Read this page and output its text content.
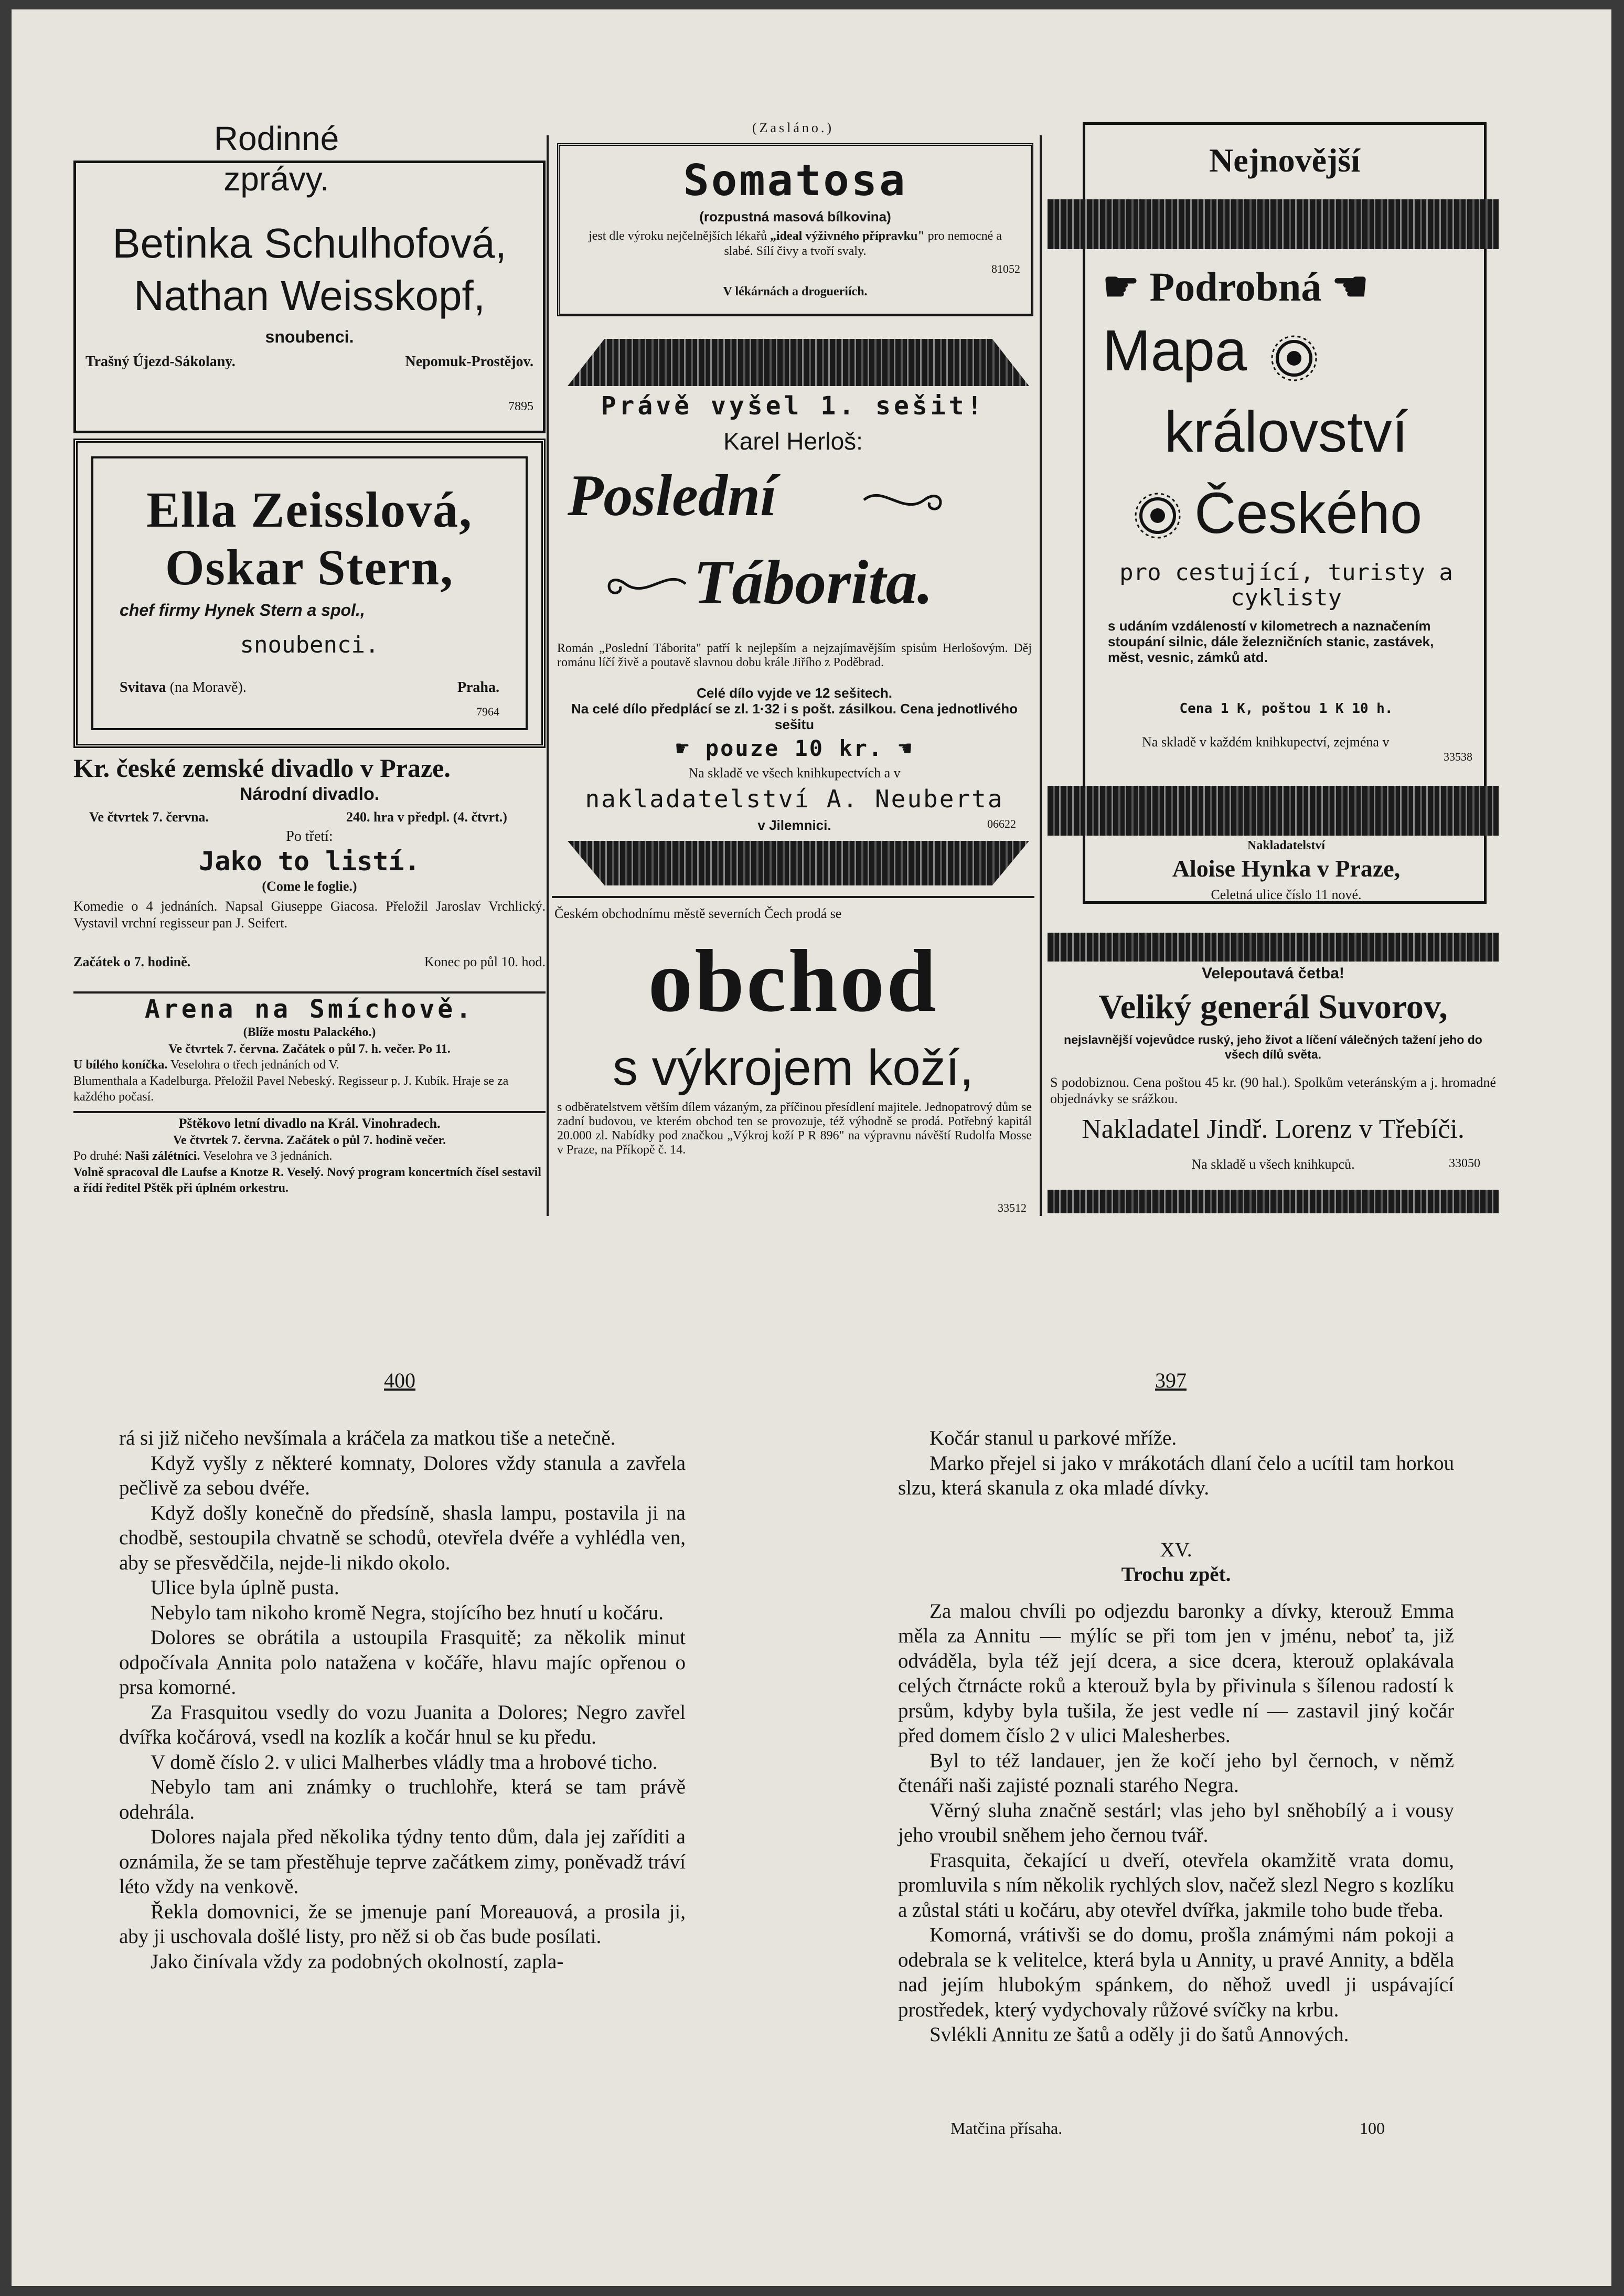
Rodinné zprávy.
Betinka Schulhofová,
Nathan Weisskopf,
snoubenci.
Trašný Újezd-Sákolany.	Nepomuk-Prostějov.
7895
Ella Zeisslová,
Oskar Stern,
chef firmy Hynek Stern a spol.,
snoubenci.
Svitava (na Moravě).	Praha.
7964
Kr. české zemské divadlo v Praze.
Národní divadlo.
Ve čtvrtek 7. června.	240. hra v předpl. (4. čtvrt.)
Po třetí:
Jako to listí.
(Come le foglie.)
Komedie o 4 jednáních. Napsal Giuseppe Giacosa. Přeložil Jaroslav Vrchlický. Vystavil vrchní regisseur pan J. Seifert.
Začátek o 7. hodině.	Konec po půl 10. hod.
Arena na Smíchově.
(Blíže mostu Palackého.)
Ve čtvrtek 7. června. Začátek o půl 7. h. večer. Po 11.
U bílého koníčka. Veselohra o třech jednáních od V.
Blumenthala a Kadelburga. Přeložil Pavel Nebeský. Regisseur p. J. Kubík. Hraje se za každého počasí.
Pštěkovo letní divadlo na Král. Vinohradech.
Ve čtvrtek 7. června. Začátek o půl 7. hodině večer.
Po druhé: Naši zálétníci. Veselohra ve 3 jednáních.
Volně spracoval dle Laufse a Knotze R. Veselý. Nový program koncertních čísel sestavil a řídí ředitel Pštěk při úplném orkestru.
(Zasláno.)
Somatosa
(rozpustná masová bílkovina)
jest dle výroku nejčelnějších lékařů „ideal výživného přípravku" pro nemocné a slabé. Sílí čivy a tvoří svaly.
81052
V lékárnách a drogueriích.
Právě vyšel 1. sešit!
Karel Herloš:
Poslední
Táborita.
Román „Poslední Táborita" patří k nejlepším a nejzajímavějším spisům Herlošovým. Děj románu líčí živě a poutavě slavnou dobu krále Jiřího z Poděbrad.
Celé dílo vyjde ve 12 sešitech.
Na celé dílo předplácí se zl. 1·32 i s pošt. zásilkou. Cena jednotlivého sešitu
☛ pouze 10 kr. ☚
Na skladě ve všech knihkupectvích a v
nakladatelství A. Neuberta
v Jilemnici.	06622
Českém obchodnímu městě severních Čech prodá se
obchod
s výkrojem koží,
s odběratelstvem větším dílem vázaným, za příčinou přesídlení majitele. Jednopatrový dům se zadní budovou, ve kterém obchod ten se provozuje, též výhodně se prodá. Potřebný kapitál 20.000 zl. Nabídky pod značkou „Výkroj koží P R 896" na výpravnu návěští Rudolfa Mosse v Praze, na Příkopě č. 14.
33512
Nejnovější
☛ Podrobná ☚
Mapa
království
Českého
pro cestující, turisty a cyklisty
s udáním vzdáleností v kilometrech a naznačením stoupání silnic, dále železničních stanic, zastávek, měst, vesnic, zámků atd.
Cena 1 K, poštou 1 K 10 h.
Na skladě v každém knihkupectví, zejména v
33538
Nakladatelství
Aloise Hynka v Praze,
Celetná ulice číslo 11 nové.
Velepoutavá četba!
Veliký generál Suvorov,
nejslavnější vojevůdce ruský, jeho život a líčení válečných tažení jeho do všech dílů světa.
S podobiznou. Cena poštou 45 kr. (90 hal.). Spolkům veteránským a j. hromadné objednávky se srážkou.
Nakladatel Jindř. Lorenz v Třebíči.
Na skladě u všech knihkupců.	33050
400	397

rá si již ničeho nevšímala a kráčela za matkou tiše a netečně.

Když vyšly z některé komnaty, Dolores vždy stanula a zavřela pečlivě za sebou dvéře.

Když došly konečně do předsíně, shasla lampu, postavila ji na chodbě, sestoupila chvatně se schodů, otevřela dvéře a vyhlédla ven, aby se přesvědčila, nejde-li nikdo okolo.

Ulice byla úplně pusta.

Nebylo tam nikoho kromě Negra, stojícího bez hnutí u kočáru.

Dolores se obrátila a ustoupila Frasquitě; za několik minut odpočívala Annita polo natažena v kočáře, hlavu majíc opřenou o prsa komorné.

Za Frasquitou vsedly do vozu Juanita a Dolores; Negro zavřel dvířka kočárová, vsedl na kozlík a kočár hnul se ku předu.

V domě číslo 2. v ulici Malherbes vládly tma a hrobové ticho.

Nebylo tam ani známky o truchlohře, která se tam právě odehrála.

Dolores najala před několika týdny tento dům, dala jej zaříditi a oznámila, že se tam přestěhuje teprve začátkem zimy, poněvadž tráví léto vždy na venkově.

Řekla domovnici, že se jmenuje paní Moreauová, a prosila ji, aby ji uschovala došlé listy, pro něž si ob čas bude posílati.

Jako činívala vždy za podobných okolností, zapla-

Kočár stanul u parkové mříže.

Marko přejel si jako v mrákotách dlaní čelo a ucítil tam horkou slzu, která skanula z oka mladé dívky.

XV.

Trochu zpět.

Za malou chvíli po odjezdu baronky a dívky, kterouž Emma měla za Annitu — mýlíc se při tom jen v jménu, neboť ta, již odváděla, byla též její dcera, a sice dcera, kterouž oplakávala celých čtrnácte roků a kterouž byla by přivinula s šílenou radostí k prsům, kdyby byla tušila, že jest vedle ní — zastavil jiný kočár před domem číslo 2 v ulici Malesherbes.

Byl to též landauer, jen že kočí jeho byl černoch, v němž čtenáři naši zajisté poznali starého Negra.

Věrný sluha značně sestárl; vlas jeho byl sněhobílý a i vousy jeho vroubil sněhem jeho černou tvář.

Frasquita, čekající u dveří, otevřela okamžitě vrata domu, promluvila s ním několik rychlých slov, načež slezl Negro s kozlíku a zůstal státi u kočáru, aby otevřel dvířka, jakmile toho bude třeba.

Komorná, vrátivši se do domu, prošla známými nám pokoji a odebrala se k velitelce, která byla u Annity, u pravé Annity, a bděla nad jejím hlubokým spánkem, do něhož uvedl ji uspávající prostředek, který vydychovaly růžové svíčky na krbu.

Svlékli Annitu ze šatů a oděly ji do šatů Annových.

Matčina přísaha.	100
